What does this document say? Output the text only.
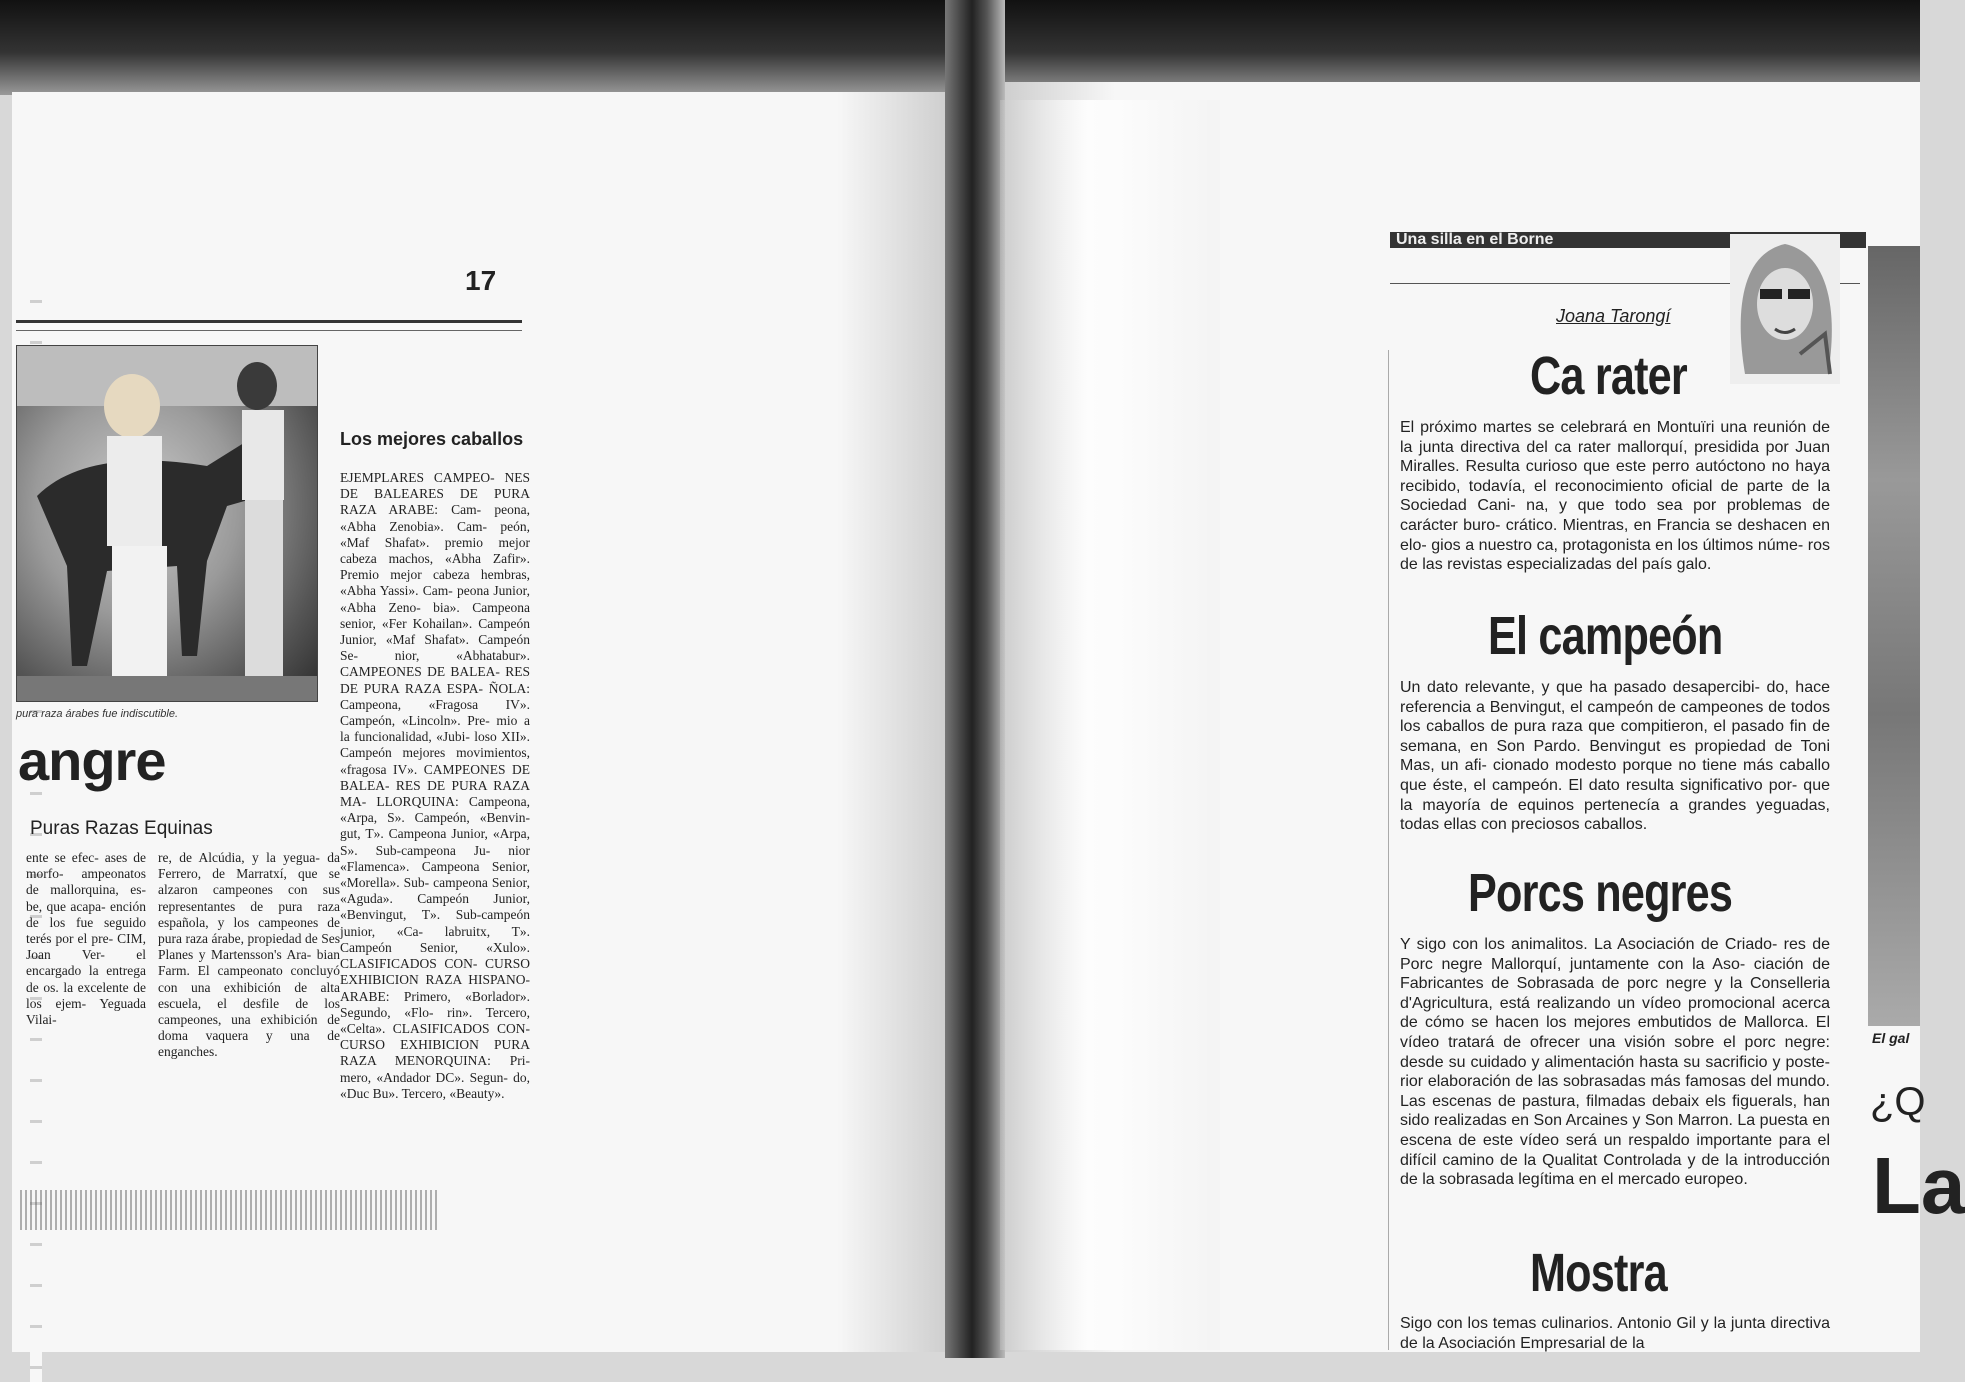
17
pura raza árabes fue indiscutible.
angre
Puras Razas Equinas
ente se efec- ases de morfo- ampeonatos de mallorquina, es- be, que acapa- ención de los fue seguido terés por el pre- CIM, Joan Ver- el encargado la entrega de os. la excelente de los ejem- Yeguada Vilai-
re, de Alcúdia, y la yegua- da Ferrero, de Marratxí, que se alzaron campeones con sus representantes de pura raza española, y los campeones de pura raza árabe, propiedad de Ses Planes y Martensson's Ara- bian Farm. El campeonato concluyó con una exhibición de alta escuela, el desfile de los campeones, una exhibición de doma vaquera y una de enganches.
Los mejores caballos
EJEMPLARES CAMPEO- NES DE BALEARES DE PURA RAZA ARABE: Cam- peona, «Abha Zenobia». Cam- peón, «Maf Shafat». premio mejor cabeza machos, «Abha Zafir». Premio mejor cabeza hembras, «Abha Yassi». Cam- peona Junior, «Abha Zeno- bia». Campeona senior, «Fer Kohailan». Campeón Junior, «Maf Shafat». Campeón Se- nior, «Abhatabur». CAMPEONES DE BALEA- RES DE PURA RAZA ESPA- ÑOLA: Campeona, «Fragosa IV». Campeón, «Lincoln». Pre- mio a la funcionalidad, «Jubi- loso XII». Campeón mejores movimientos, «fragosa IV». CAMPEONES DE BALEA- RES DE PURA RAZA MA- LLORQUINA: Campeona, «Arpa, S». Campeón, «Benvin- gut, T». Campeona Junior, «Arpa, S». Sub-campeona Ju- nior «Flamenca». Campeona Senior, «Morella». Sub- campeona Senior, «Aguda». Campeón Junior, «Benvingut, T». Sub-campeón junior, «Ca- labruitx, T». Campeón Senior, «Xulo». CLASIFICADOS CON- CURSO EXHIBICION RAZA HISPANO-ARABE: Primero, «Borlador». Segundo, «Flo- rin». Tercero, «Celta». CLASIFICADOS CON- CURSO EXHIBICION PURA RAZA MENORQUINA: Pri- mero, «Andador DC». Segun- do, «Duc Bu». Tercero, «Beauty».
Una silla en el Borne
Joana Tarongí
Ca rater
El próximo martes se celebrará en Montuïri una reunión de la junta directiva del ca rater mallorquí, presidida por Juan Miralles. Resulta curioso que este perro autóctono no haya recibido, todavía, el reconocimiento oficial de parte de la Sociedad Cani- na, y que todo sea por problemas de carácter buro- crático. Mientras, en Francia se deshacen en elo- gios a nuestro ca, protagonista en los últimos núme- ros de las revistas especializadas del país galo.
El campeón
Un dato relevante, y que ha pasado desapercibi- do, hace referencia a Benvingut, el campeón de campeones de todos los caballos de pura raza que compitieron, el pasado fin de semana, en Son Pardo. Benvingut es propiedad de Toni Mas, un afi- cionado modesto porque no tiene más caballo que éste, el campeón. El dato resulta significativo por- que la mayoría de equinos pertenecía a grandes yeguadas, todas ellas con preciosos caballos.
Porcs negres
Y sigo con los animalitos. La Asociación de Criado- res de Porc negre Mallorquí, juntamente con la Aso- ciación de Fabricantes de Sobrasada de porc negre y la Conselleria d'Agricultura, está realizando un vídeo promocional acerca de cómo se hacen los mejores embutidos de Mallorca. El vídeo tratará de ofrecer una visión sobre el porc negre: desde su cuidado y alimentación hasta su sacrificio y poste- rior elaboración de las sobrasadas más famosas del mundo. Las escenas de pastura, filmadas debaix els figuerals, han sido realizadas en Son Arcaines y Son Marron. La puesta en escena de este vídeo será un respaldo importante para el difícil camino de la Qualitat Controlada y de la introducción de la sobrasada legítima en el mercado europeo.
Mostra
Sigo con los temas culinarios. Antonio Gil y la junta directiva de la Asociación Empresarial de la
El gal
¿Q
La
